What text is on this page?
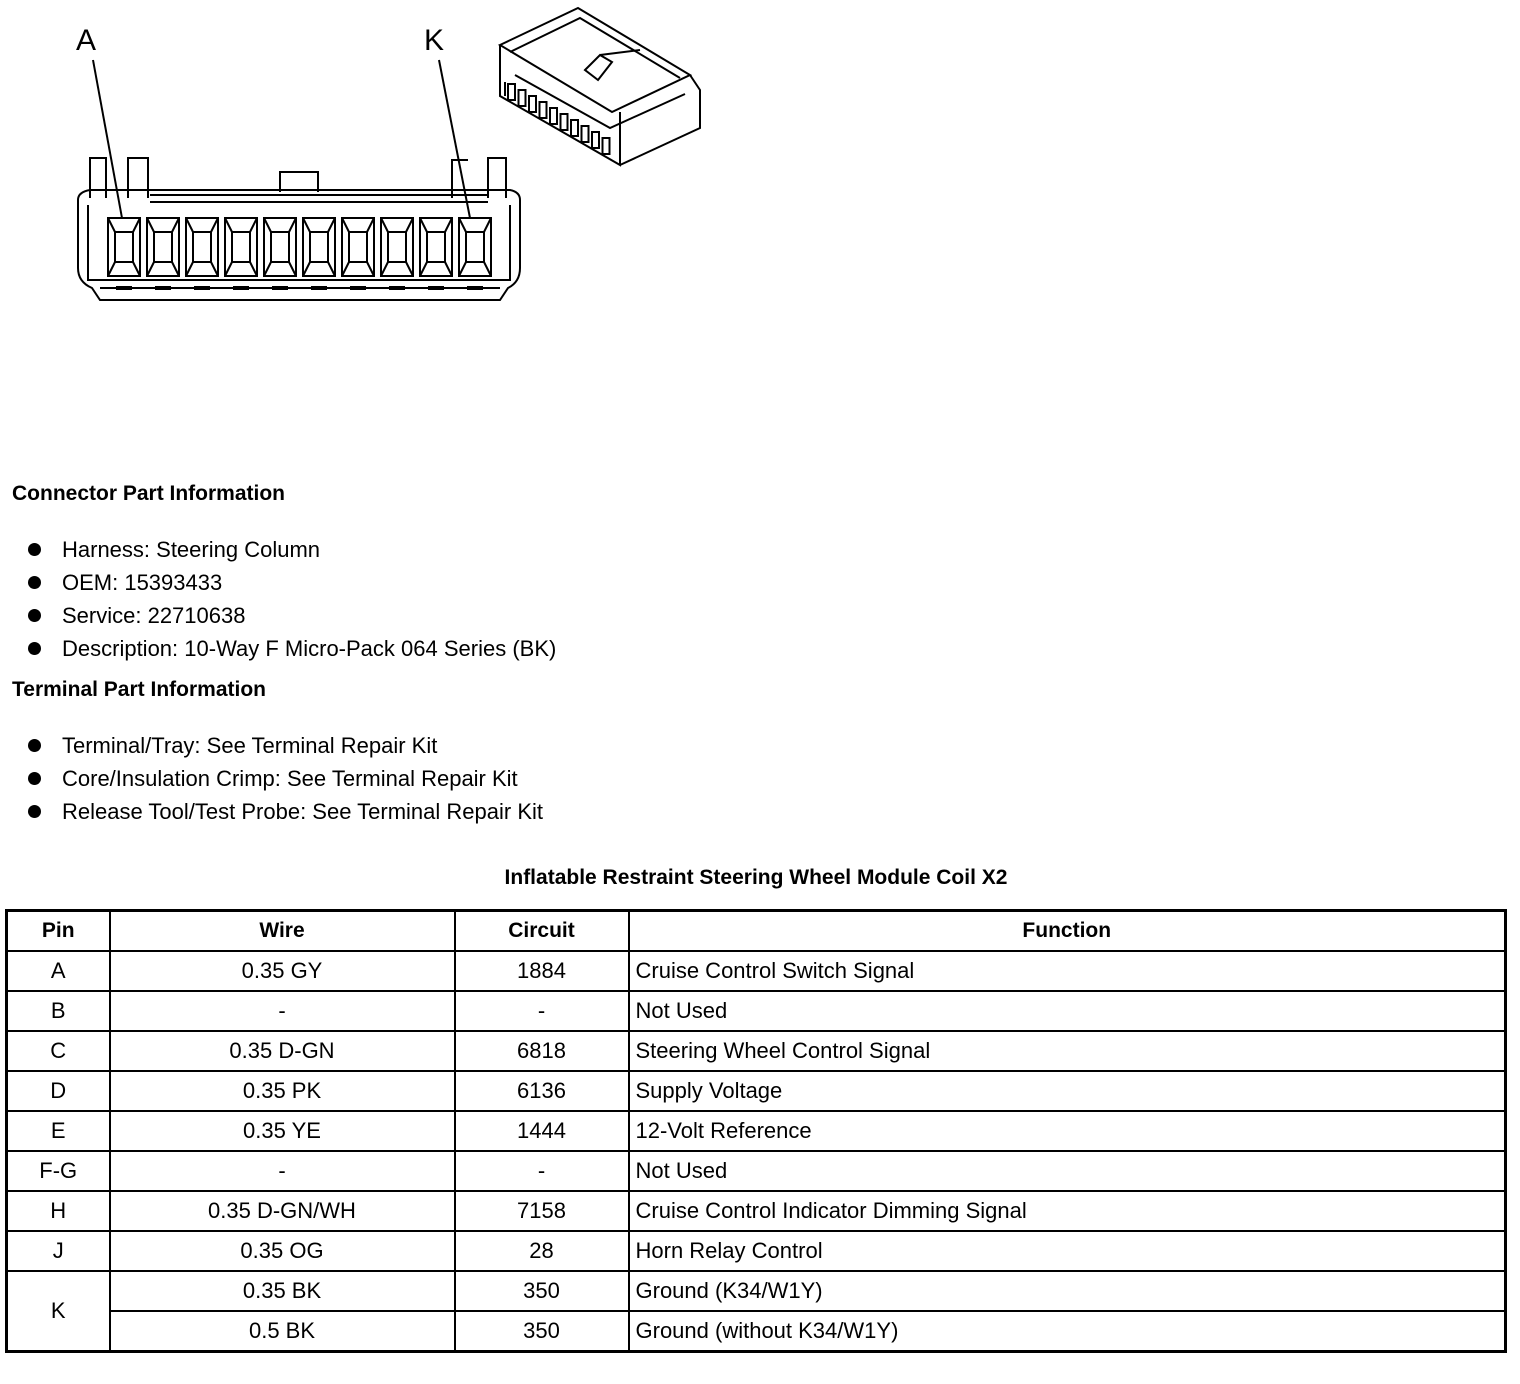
A	K
Connector Part Information
Harness: Steering Column
OEM: 15393433
Service: 22710638
Description: 10-Way F Micro-Pack 064 Series (BK)
Terminal Part Information
Terminal/Tray: See Terminal Repair Kit
Core/Insulation Crimp: See Terminal Repair Kit
Release Tool/Test Probe: See Terminal Repair Kit
Inflatable Restraint Steering Wheel Module Coil X2
Pin	Wire	Circuit	Function
A	0.35 GY	1884	Cruise Control Switch Signal
B	-	-	Not Used
C	0.35 D-GN	6818	Steering Wheel Control Signal
D	0.35 PK	6136	Supply Voltage
E	0.35 YE	1444	12-Volt Reference
F-G	-	-	Not Used
H	0.35 D-GN/WH	7158	Cruise Control Indicator Dimming Signal
J	0.35 OG	28	Horn Relay Control
K	0.35 BK	350	Ground (K34/W1Y)
	0.5 BK	350	Ground (without K34/W1Y)
